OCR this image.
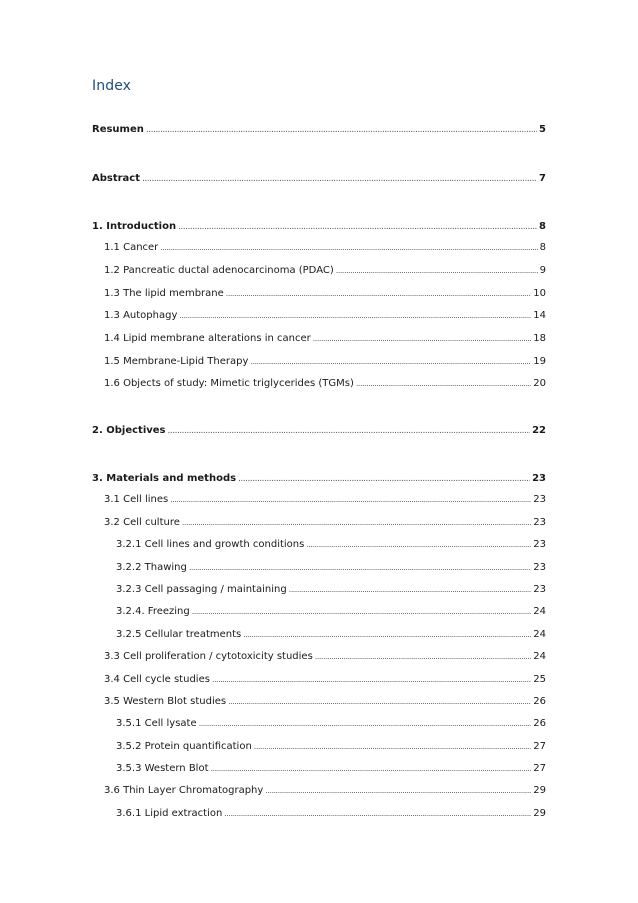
Index
Resumen .....	5
Abstract .....	7
1. Introduction .....	8
1.1 Cancer .....	8
1.2 Pancreatic ductal adenocarcinoma (PDAC) .....	9
1.3 The lipid membrane .....	10
1.3 Autophagy .....	14
1.4 Lipid membrane alterations in cancer .....	18
1.5 Membrane-Lipid Therapy .....	19
1.6 Objects of study: Mimetic triglycerides (TGMs) .....	20
2. Objectives .....	22
3. Materials and methods .....	23
3.1 Cell lines .....	23
3.2 Cell culture .....	23
3.2.1 Cell lines and growth conditions .....	23
3.2.2 Thawing .....	23
3.2.3 Cell passaging / maintaining .....	23
3.2.4. Freezing .....	24
3.2.5 Cellular treatments .....	24
3.3 Cell proliferation / cytotoxicity studies .....	24
3.4 Cell cycle studies .....	25
3.5 Western Blot studies .....	26
3.5.1 Cell lysate .....	26
3.5.2 Protein quantification .....	27
3.5.3 Western Blot .....	27
3.6 Thin Layer Chromatography .....	29
3.6.1 Lipid extraction .....	29
